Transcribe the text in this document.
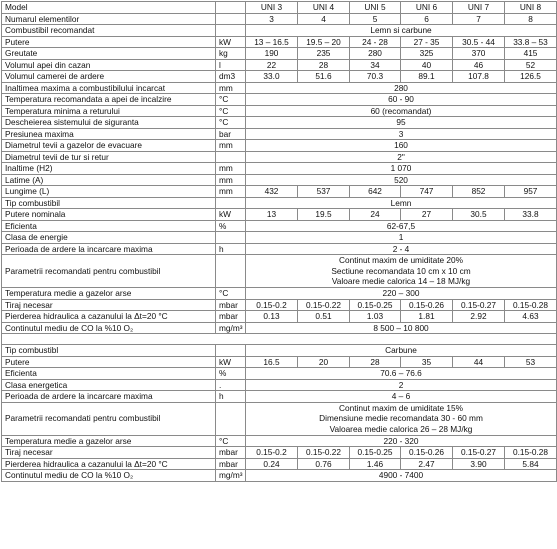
Model		UNI 3	UNI 4	UNI 5	UNI 6	UNI 7	UNI 8
Numarul elementilor		3	4	5	6	7	8
Combustibil recomandat		Lemn si carbune					
Putere	kW	13 – 16.5	19.5 – 20	24 - 28	27 - 35	30.5 - 44	33.8 – 53
Greutate	kg	190	235	280	325	370	415
Volumul apei din cazan	l	22	28	34	40	46	52
Volumul camerei de ardere	dm3	33.0	51.6	70.3	89.1	107.8	126.5
Inaltimea maxima a combustibilului incarcat	mm	280					
Temperatura recomandata a apei de incalzire	°C	60 - 90					
Temperatura minima a returului	°C	60 (recomandat)					
Descheierea sistemului de siguranta	°C	95					
Presiunea maxima	bar	3					
Diametrul tevii a gazelor de evacuare	mm	160					
Diametrul tevii de tur si retur		2"					
Inaltime (H2)	mm	1 070					
Latime (A)	mm	520					
Lungime (L)	mm	432	537	642	747	852	957
Tip combustibil		Lemn					
Putere nominala	kW	13	19.5	24	27	30.5	33.8
Eficienta	%	62-67,5					
Clasa de energie		1					
Perioada de ardere la incarcare maxima	h	2 - 4					
Parametrii recomandati pentru combustibil		Continut maxim de umiditate 20%
Sectiune recomandata 10 cm x 10 cm
Valoare medie calorica 14 – 18 MJ/kg					

Temperatura medie a gazelor arse	°C	220 – 300					
Tiraj necesar	mbar	0.15-0.2	0.15-0.22	0.15-0.25	0.15-0.26	0.15-0.27	0.15-0.28
Pierderea hidraulica a cazanului la Δt=20 °C	mbar	0.13	0.51	1.03	1.81	2.92	4.63
Continutul mediu de CO la %10 O₂	mg/m³	8 500 – 10 800					

Tip combustibl		Carbune					
Putere	kW	16.5	20	28	35	44	53
Eficienta	%	70.6 – 76.6					
Clasa energetica	.	2					
Perioada de ardere la incarcare maxima	h	4 – 6					
Parametrii recomandati pentru combustibil		Continut maxim de umiditate 15%
Dimensiune medie recomandata 30 - 60 mm
Valoarea medie calorica 26 – 28 MJ/kg					

Temperatura medie a gazelor arse	°C	220 - 320					
Tiraj necesar	mbar	0.15-0.2	0.15-0.22	0.15-0.25	0.15-0.26	0.15-0.27	0.15-0.28
Pierderea hidraulica a cazanului la Δt=20 °C	mbar	0.24	0.76	1.46	2.47	3.90	5.84
Continutul mediu de CO la %10 O₂	mg/m³	4900 - 7400					
